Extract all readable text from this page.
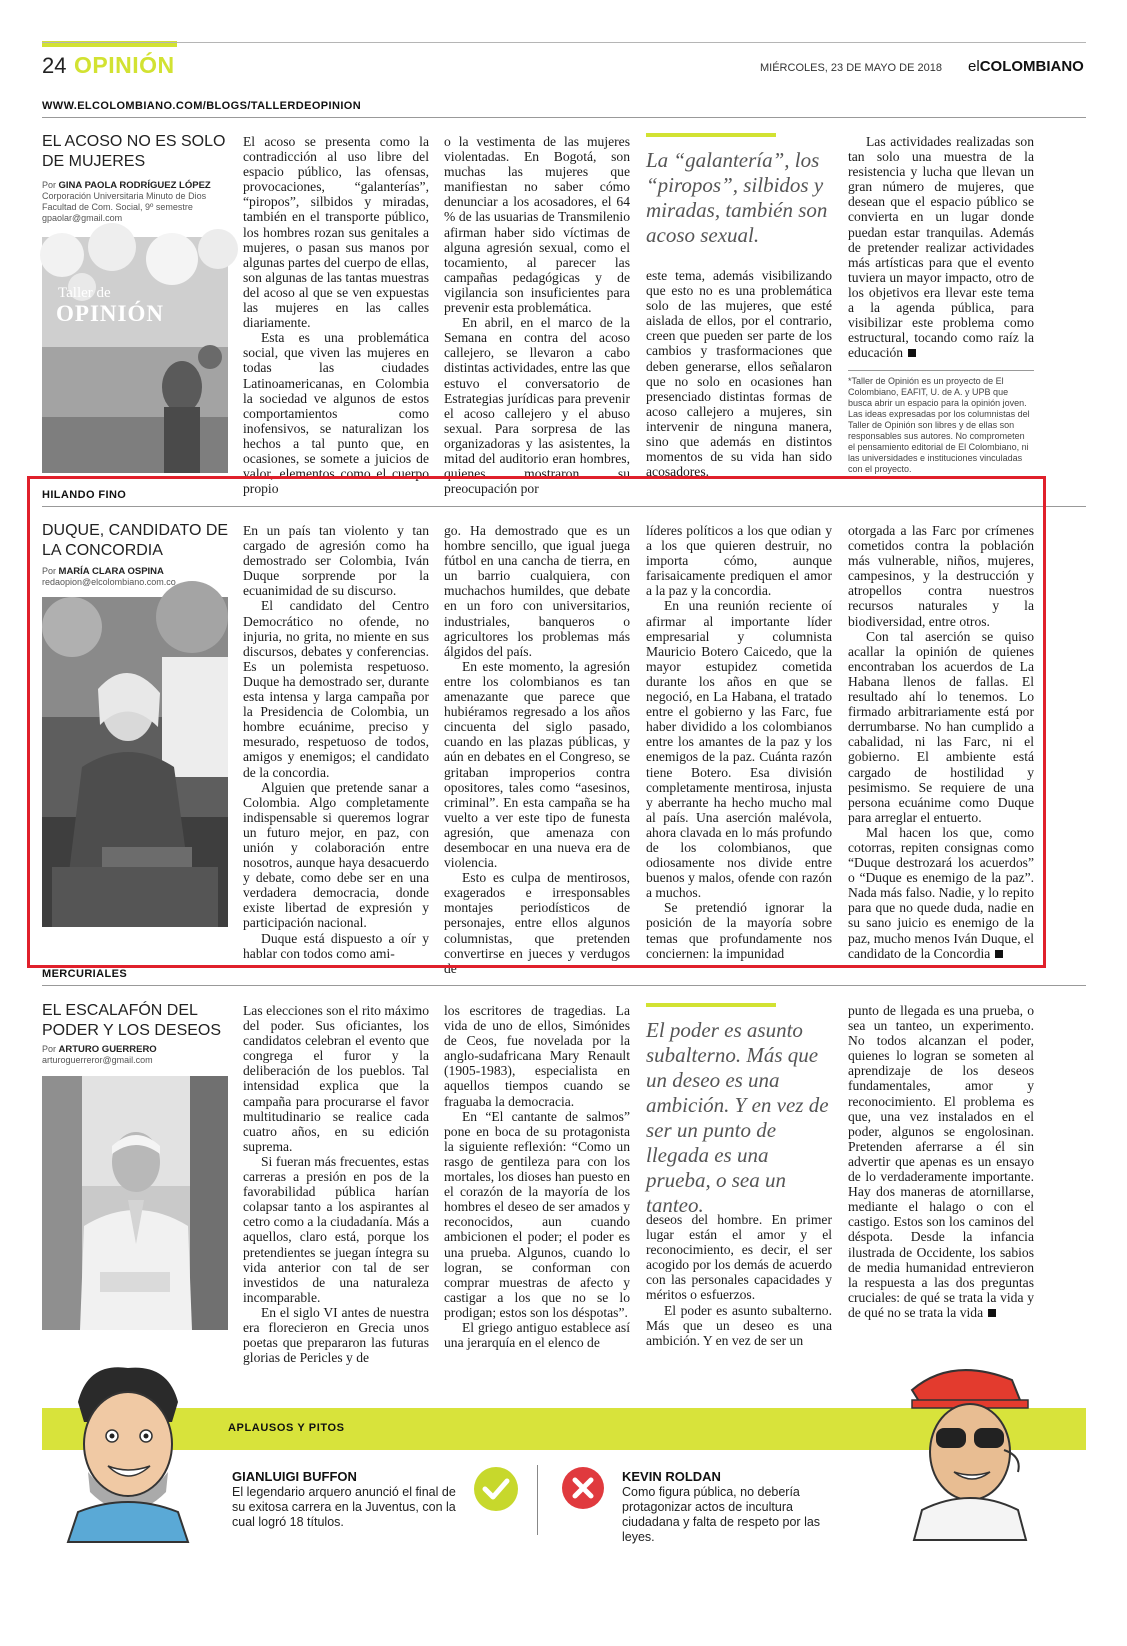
24 OPINIÓN	MIÉRCOLES, 23 DE MAYO DE 2018 elCOLOMBIANO
WWW.ELCOLOMBIANO.COM/BLOGS/TALLERDEOPINION
EL ACOSO NO ES SOLO DE MUJERES
Por GINA PAOLA RODRÍGUEZ LÓPEZ
Corporación Universitaria Minuto de Dios Facultad de Com. Social, 9º semestre
gpaolar@gmail.com
Taller de
OPINIÓN

El acoso se presenta como la contradicción al uso libre del espacio público, las ofensas, provocaciones, “galanterías”, “piropos”, silbidos y miradas, también en el transporte público, los hombres rozan sus genitales a mujeres, o pasan sus manos por algunas partes del cuerpo de ellas, son algunas de las tantas muestras del acoso al que se ven expuestas las mujeres en las calles diariamente.

Esta es una problemática social, que viven las mujeres en todas las ciudades Latinoamericanas, en Colombia la sociedad ve algunos de estos comportamientos como inofensivos, se naturalizan los hechos a tal punto que, en ocasiones, se somete a juicios de valor, elementos como el cuerpo propio

o la vestimenta de las mujeres violentadas. En Bogotá, son muchas las mujeres que manifiestan no saber cómo denunciar a los acosadores, el 64 % de las usuarias de Transmilenio afirman haber sido víctimas de alguna agresión sexual, como el tocamiento, al parecer las campañas pedagógicas y de vigilancia son insuficientes para prevenir esta problemática.

En abril, en el marco de la Semana en contra del acoso callejero, se llevaron a cabo distintas actividades, entre las que estuvo el conversatorio de Estrategias jurídicas para prevenir el acoso callejero y el abuso sexual. Para sorpresa de las organizadoras y las asistentes, la mitad del auditorio eran hombres, quienes mostraron su preocupación por

La “galantería”, los “piropos”, silbidos y miradas, también son acoso sexual.

este tema, además visibilizando que esto no es una problemática solo de las mujeres, que esté aislada de ellos, por el contrario, creen que pueden ser parte de los cambios y trasformaciones que deben generarse, ellos señalaron que no solo en ocasiones han presenciado distintas formas de acoso callejero a mujeres, sin intervenir de ninguna manera, sino que además en distintos momentos de su vida han sido acosadores.

Las actividades realizadas son tan solo una muestra de la resistencia y lucha que llevan un gran número de mujeres, que desean que el espacio público se convierta en un lugar donde puedan estar tranquilas. Además de pretender realizar actividades más artísticas para que el evento tuviera un mayor impacto, otro de los objetivos era llevar este tema a la agenda pública, para visibilizar este problema como estructural, tocando como raíz la educación

*Taller de Opinión es un proyecto de El Colombiano, EAFIT, U. de A. y UPB que busca abrir un espacio para la opinión joven. Las ideas expresadas por los columnistas del Taller de Opinión son libres y de ellas son responsables sus autores. No comprometen el pensamiento editorial de El Colombiano, ni las universidades e instituciones vinculadas con el proyecto.
HILANDO FINO
DUQUE, CANDIDATO DE LA CONCORDIA
Por MARÍA CLARA OSPINA
redaopion@elcolombiano.com.co

En un país tan violento y tan cargado de agresión como ha demostrado ser Colombia, Iván Duque sorprende por la ecuanimidad de su discurso.

El candidato del Centro Democrático no ofende, no injuria, no grita, no miente en sus discursos, debates y conferencias. Es un polemista respetuoso. Duque ha demostrado ser, durante esta intensa y larga campaña por la Presidencia de Colombia, un hombre ecuánime, preciso y mesurado, respetuoso de todos, amigos y enemigos; el candidato de la concordia.

Alguien que pretende sanar a Colombia. Algo completamente indispensable si queremos lograr un futuro mejor, en paz, con unión y colaboración entre nosotros, aunque haya desacuerdo y debate, como debe ser en una verdadera democracia, donde existe libertad de expresión y participación nacional.

Duque está dispuesto a oír y hablar con todos como ami-

go. Ha demostrado que es un hombre sencillo, que igual juega fútbol en una cancha de tierra, en un barrio cualquiera, con muchachos humildes, que debate en un foro con universitarios, industriales, banqueros o agricultores los problemas más álgidos del país.

En este momento, la agresión entre los colombianos es tan amenazante que parece que hubiéramos regresado a los años cincuenta del siglo pasado, cuando en las plazas públicas, y aún en debates en el Congreso, se gritaban improperios contra opositores, tales como “asesinos, criminal”. En esta campaña se ha vuelto a ver este tipo de funesta agresión, que amenaza con desembocar en una nueva era de violencia.

Esto es culpa de mentirosos, exagerados e irresponsables montajes periodísticos de personajes, entre ellos algunos columnistas, que pretenden convertirse en jueces y verdugos de

líderes políticos a los que odian y a los que quieren destruir, no importa cómo, aunque farisaicamente prediquen el amor a la paz y la concordia.

En una reunión reciente oí afirmar al importante líder empresarial y columnista Mauricio Botero Caicedo, que la mayor estupidez cometida durante los años en que se negoció, en La Habana, el tratado entre el gobierno y las Farc, fue haber dividido a los colombianos entre los amantes de la paz y los enemigos de la paz. Cuánta razón tiene Botero. Esa división completamente mentirosa, injusta y aberrante ha hecho mucho mal al país. Una aserción malévola, ahora clavada en lo más profundo de los colombianos, que odiosamente nos divide entre buenos y malos, ofende con razón a muchos.

Se pretendió ignorar la posición de la mayoría sobre temas que profundamente nos conciernen: la impunidad

otorgada a las Farc por crímenes cometidos contra la población más vulnerable, niños, mujeres, campesinos, y la destrucción y atropellos contra nuestros recursos naturales y la biodiversidad, entre otros.

Con tal aserción se quiso acallar la opinión de quienes encontraban los acuerdos de La Habana llenos de fallas. El resultado ahí lo tenemos. Lo firmado arbitrariamente está por derrumbarse. No han cumplido a cabalidad, ni las Farc, ni el gobierno. El ambiente está cargado de hostilidad y pesimismo. Se requiere de una persona ecuánime como Duque para arreglar el entuerto.

Mal hacen los que, como cotorras, repiten consignas como “Duque destrozará los acuerdos” o “Duque es enemigo de la paz”. Nada más falso. Nadie, y lo repito para que no quede duda, nadie en su sano juicio es enemigo de la paz, mucho menos Iván Duque, el candidato de la Concordia

MERCURIALES
EL ESCALAFÓN DEL PODER Y LOS DESEOS
Por ARTURO GUERRERO
arturoguerreror@gmail.com

Las elecciones son el rito máximo del poder. Sus oficiantes, los candidatos celebran el evento que congrega el furor y la deliberación de los pueblos. Tal intensidad explica que la campaña para procurarse el favor multitudinario se realice cada cuatro años, en su edición suprema.

Si fueran más frecuentes, estas carreras a presión en pos de la favorabilidad pública harían colapsar tanto a los aspirantes al cetro como a la ciudadanía. Más a aquellos, claro está, porque los pretendientes se juegan íntegra su vida anterior con tal de ser investidos de una naturaleza incomparable.

En el siglo VI antes de nuestra era florecieron en Grecia unos poetas que prepararon las futuras glorias de Pericles y de

los escritores de tragedias. La vida de uno de ellos, Simónides de Ceos, fue novelada por la anglo-sudafricana Mary Renault (1905-1983), especialista en aquellos tiempos cuando se fraguaba la democracia.

En “El cantante de salmos” pone en boca de su protagonista la siguiente reflexión: “Como un rasgo de gentileza para con los mortales, los dioses han puesto en el corazón de la mayoría de los hombres el deseo de ser amados y reconocidos, aun cuando ambicionen el poder; el poder es una prueba. Algunos, cuando lo logran, se conforman con comprar muestras de afecto y castigar a los que no se lo prodigan; estos son los déspotas”.

El griego antiguo establece así una jerarquía en el elenco de

El poder es asunto subalterno. Más que un deseo es una ambición. Y en vez de ser un punto de llegada es una prueba, o sea un tanteo.

deseos del hombre. En primer lugar están el amor y el reconocimiento, es decir, el ser acogido por los demás de acuerdo con las personales capacidades y méritos o esfuerzos.

El poder es asunto subalterno. Más que un deseo es una ambición. Y en vez de ser un

punto de llegada es una prueba, o sea un tanteo, un experimento. No todos alcanzan el poder, quienes lo logran se someten al aprendizaje de los deseos fundamentales, amor y reconocimiento. El problema es que, una vez instalados en el poder, algunos se engolosinan. Pretenden aferrarse a él sin advertir que apenas es un ensayo de lo verdaderamente importante. Hay dos maneras de atornillarse, mediante el halago o con el castigo. Estos son los caminos del déspota. Desde la infancia ilustrada de Occidente, los sabios de media humanidad entrevieron la respuesta a las dos preguntas cruciales: de qué se trata la vida y de qué no se trata la vida

APLAUSOS Y PITOS
GIANLUIGI BUFFON
El legendario arquero anunció el final de su exitosa carrera en la Juventus, con la cual logró 18 títulos.
KEVIN ROLDAN
Como figura pública, no debería protagonizar actos de incultura ciudadana y falta de respeto por las leyes.
